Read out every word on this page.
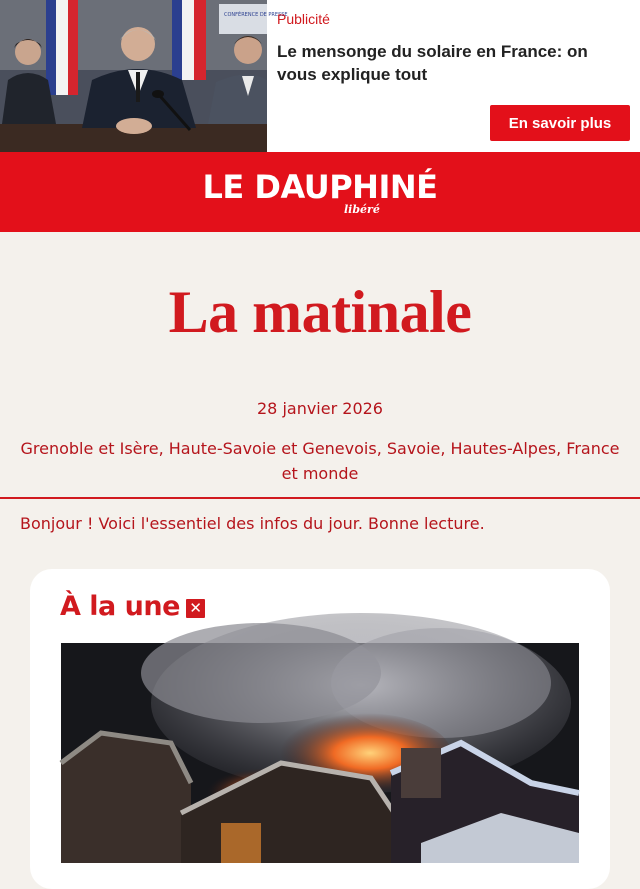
CONFÉRENCE DE PRESSE
Publicité
Le mensonge du solaire en France: on vous explique tout
En savoir plus
LE DAUPHINÉ
libéré
La matinale
28 janvier 2026
Grenoble et Isère, Haute-Savoie et Genevois, Savoie, Hautes-Alpes, France et monde
Bonjour ! Voici l'essentiel des infos du jour. Bonne lecture.
À la une ✕
